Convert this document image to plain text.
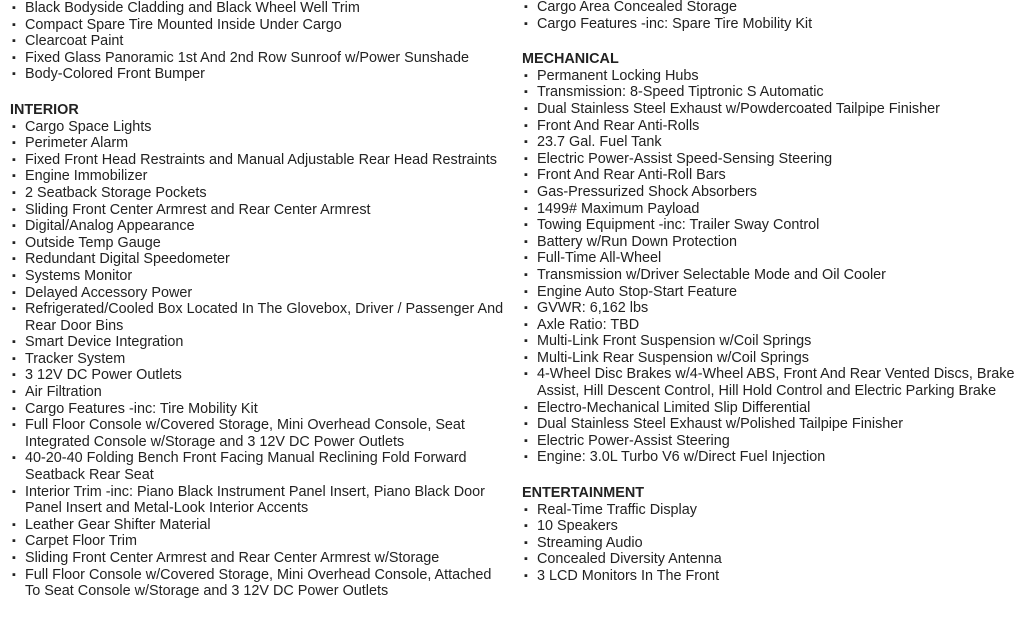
▪ Black Bodyside Cladding and Black Wheel Well Trim
▪ Compact Spare Tire Mounted Inside Under Cargo
▪ Clearcoat Paint
▪ Fixed Glass Panoramic 1st And 2nd Row Sunroof w/Power Sunshade
▪ Body-Colored Front Bumper
INTERIOR
▪ Cargo Space Lights
▪ Perimeter Alarm
▪ Fixed Front Head Restraints and Manual Adjustable Rear Head Restraints
▪ Engine Immobilizer
▪ 2 Seatback Storage Pockets
▪ Sliding Front Center Armrest and Rear Center Armrest
▪ Digital/Analog Appearance
▪ Outside Temp Gauge
▪ Redundant Digital Speedometer
▪ Systems Monitor
▪ Delayed Accessory Power
▪ Refrigerated/Cooled Box Located In The Glovebox, Driver / Passenger And Rear Door Bins
▪ Smart Device Integration
▪ Tracker System
▪ 3 12V DC Power Outlets
▪ Air Filtration
▪ Cargo Features -inc: Tire Mobility Kit
▪ Full Floor Console w/Covered Storage, Mini Overhead Console, Seat Integrated Console w/Storage and 3 12V DC Power Outlets
▪ 40-20-40 Folding Bench Front Facing Manual Reclining Fold Forward Seatback Rear Seat
▪ Interior Trim -inc: Piano Black Instrument Panel Insert, Piano Black Door Panel Insert and Metal-Look Interior Accents
▪ Leather Gear Shifter Material
▪ Carpet Floor Trim
▪ Sliding Front Center Armrest and Rear Center Armrest w/Storage
▪ Full Floor Console w/Covered Storage, Mini Overhead Console, Attached To Seat Console w/Storage and 3 12V DC Power Outlets
▪ Cargo Area Concealed Storage
▪ Cargo Features -inc: Spare Tire Mobility Kit
MECHANICAL
▪ Permanent Locking Hubs
▪ Transmission: 8-Speed Tiptronic S Automatic
▪ Dual Stainless Steel Exhaust w/Powdercoated Tailpipe Finisher
▪ Front And Rear Anti-Rolls
▪ 23.7 Gal. Fuel Tank
▪ Electric Power-Assist Speed-Sensing Steering
▪ Front And Rear Anti-Roll Bars
▪ Gas-Pressurized Shock Absorbers
▪ 1499# Maximum Payload
▪ Towing Equipment -inc: Trailer Sway Control
▪ Battery w/Run Down Protection
▪ Full-Time All-Wheel
▪ Transmission w/Driver Selectable Mode and Oil Cooler
▪ Engine Auto Stop-Start Feature
▪ GVWR: 6,162 lbs
▪ Axle Ratio: TBD
▪ Multi-Link Front Suspension w/Coil Springs
▪ Multi-Link Rear Suspension w/Coil Springs
▪ 4-Wheel Disc Brakes w/4-Wheel ABS, Front And Rear Vented Discs, Brake Assist, Hill Descent Control, Hill Hold Control and Electric Parking Brake
▪ Electro-Mechanical Limited Slip Differential
▪ Dual Stainless Steel Exhaust w/Polished Tailpipe Finisher
▪ Electric Power-Assist Steering
▪ Engine: 3.0L Turbo V6 w/Direct Fuel Injection
ENTERTAINMENT
▪ Real-Time Traffic Display
▪ 10 Speakers
▪ Streaming Audio
▪ Concealed Diversity Antenna
▪ 3 LCD Monitors In The Front
